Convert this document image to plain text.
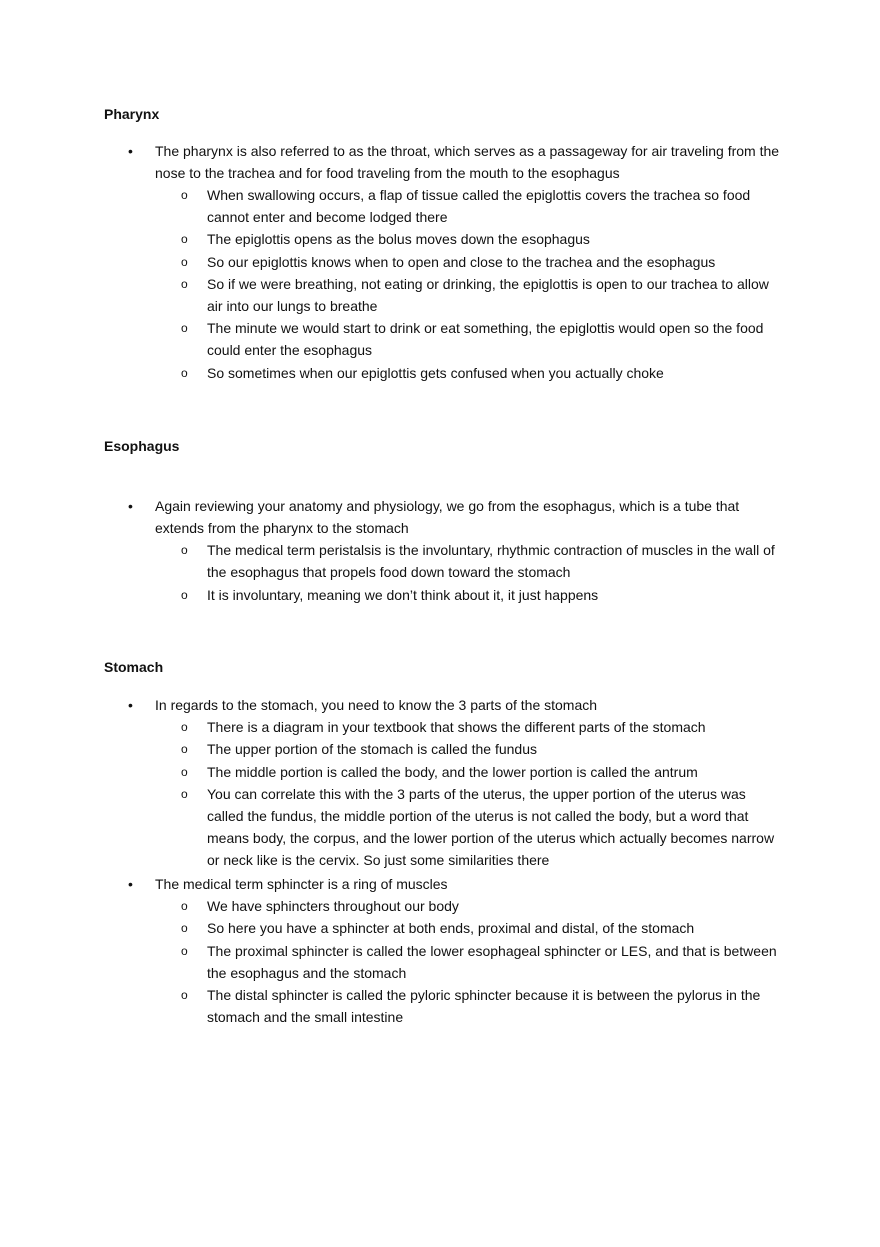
Pharynx
• The pharynx is also referred to as the throat, which serves as a passageway for air traveling from the nose to the trachea and for food traveling from the mouth to the esophagus
o When swallowing occurs, a flap of tissue called the epiglottis covers the trachea so food cannot enter and become lodged there
o The epiglottis opens as the bolus moves down the esophagus
o So our epiglottis knows when to open and close to the trachea and the esophagus
o So if we were breathing, not eating or drinking, the epiglottis is open to our trachea to allow air into our lungs to breathe
o The minute we would start to drink or eat something, the epiglottis would open so the food could enter the esophagus
o So sometimes when our epiglottis gets confused when you actually choke
Esophagus
• Again reviewing your anatomy and physiology, we go from the esophagus, which is a tube that extends from the pharynx to the stomach
o The medical term peristalsis is the involuntary, rhythmic contraction of muscles in the wall of the esophagus that propels food down toward the stomach
o It is involuntary, meaning we don’t think about it, it just happens
Stomach
• In regards to the stomach, you need to know the 3 parts of the stomach
o There is a diagram in your textbook that shows the different parts of the stomach
o The upper portion of the stomach is called the fundus
o The middle portion is called the body, and the lower portion is called the antrum
o You can correlate this with the 3 parts of the uterus, the upper portion of the uterus was called the fundus, the middle portion of the uterus is not called the body, but a word that means body, the corpus, and the lower portion of the uterus which actually becomes narrow or neck like is the cervix. So just some similarities there
• The medical term sphincter is a ring of muscles
o We have sphincters throughout our body
o So here you have a sphincter at both ends, proximal and distal, of the stomach
o The proximal sphincter is called the lower esophageal sphincter or LES, and that is between the esophagus and the stomach
o The distal sphincter is called the pyloric sphincter because it is between the pylorus in the stomach and the small intestine
